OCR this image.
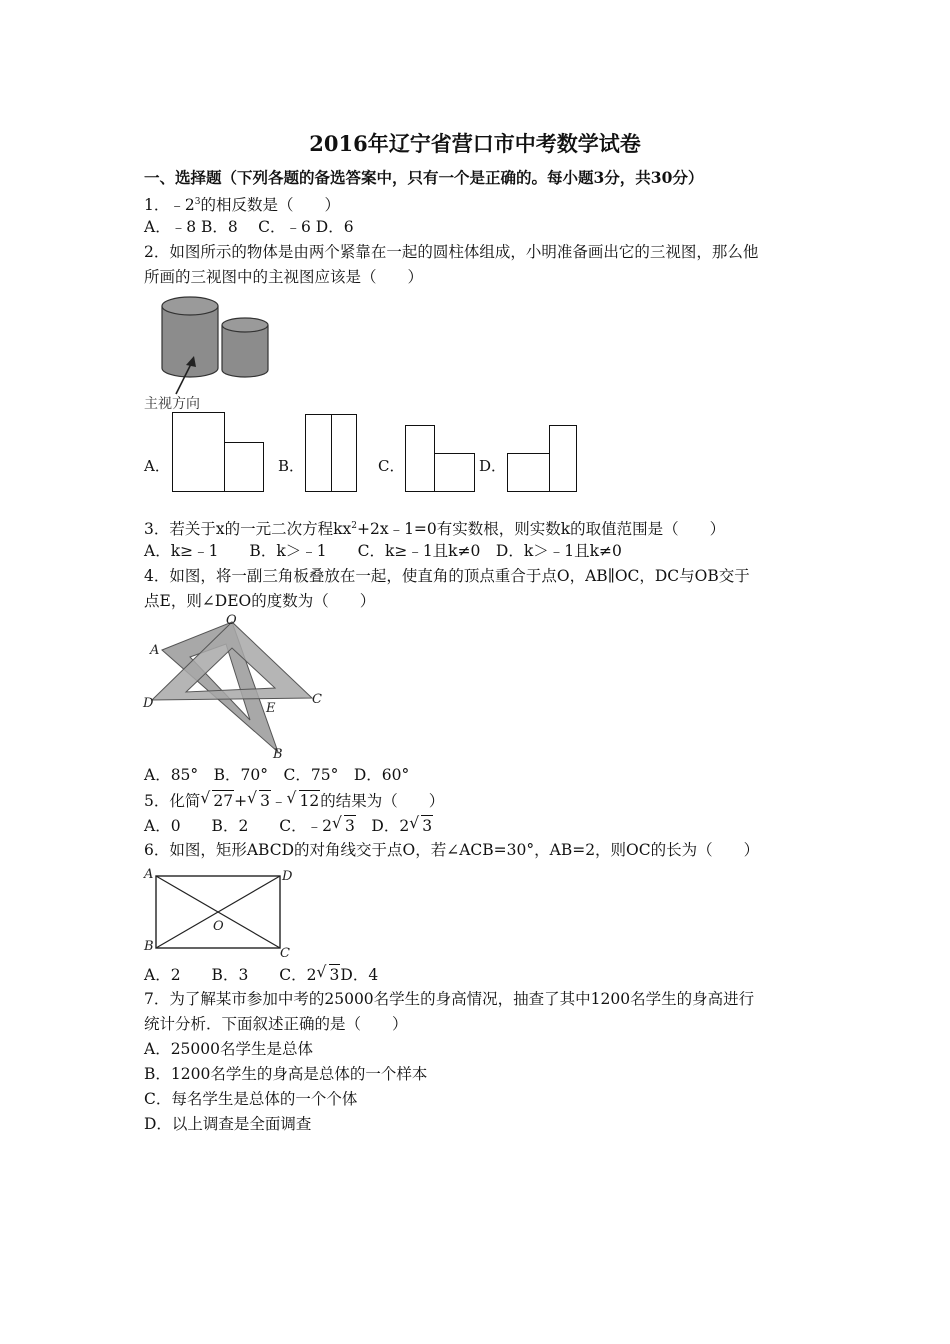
2016年辽宁省营口市中考数学试卷
一、选择题（下列各题的备选答案中，只有一个是正确的。每小题3分，共30分）
1．$﹣2^3$的相反数是（　　）
A．﹣8 B．8　 C．﹣6 D．6
2．如图所示的物体是由两个紧靠在一起的圆柱体组成，小明准备画出它的三视图，那么他
所画的三视图中的主视图应该是（　　）
主视方向
A．	B．	C．	D．
3．若关于x的一元二次方程$kx^2+2x﹣1=0$有实数根，则实数k的取值范围是（　　）
A．k≥﹣1　　B．k＞﹣1　　C．k≥﹣1且k≠0　D．k＞﹣1且k≠0
4．如图，将一副三角板叠放在一起，使直角的顶点重合于点O，AB∥OC，DC与OB交于
点E，则∠DEO的度数为（　　）
O
A
D	C
E
B
A．85°　B．70°　C．75°　D．60°
5．化简 √ 27+ √ 3﹣ √ 12的结果为（　　）
A．0　　B．2　　C．﹣2 √ 3　D．2 √ 3
6．如图，矩形ABCD的对角线交于点O，若∠ACB=30°，AB=2，则OC的长为（　　）
A	D
B	C
O
A．2　　B．3　　C．2 √ 3D．4
7．为了解某市参加中考的25000名学生的身高情况，抽查了其中1200名学生的身高进行
统计分析．下面叙述正确的是（　　）
A．25000名学生是总体
B．1200名学生的身高是总体的一个样本
C．每名学生是总体的一个个体
D．以上调查是全面调查
